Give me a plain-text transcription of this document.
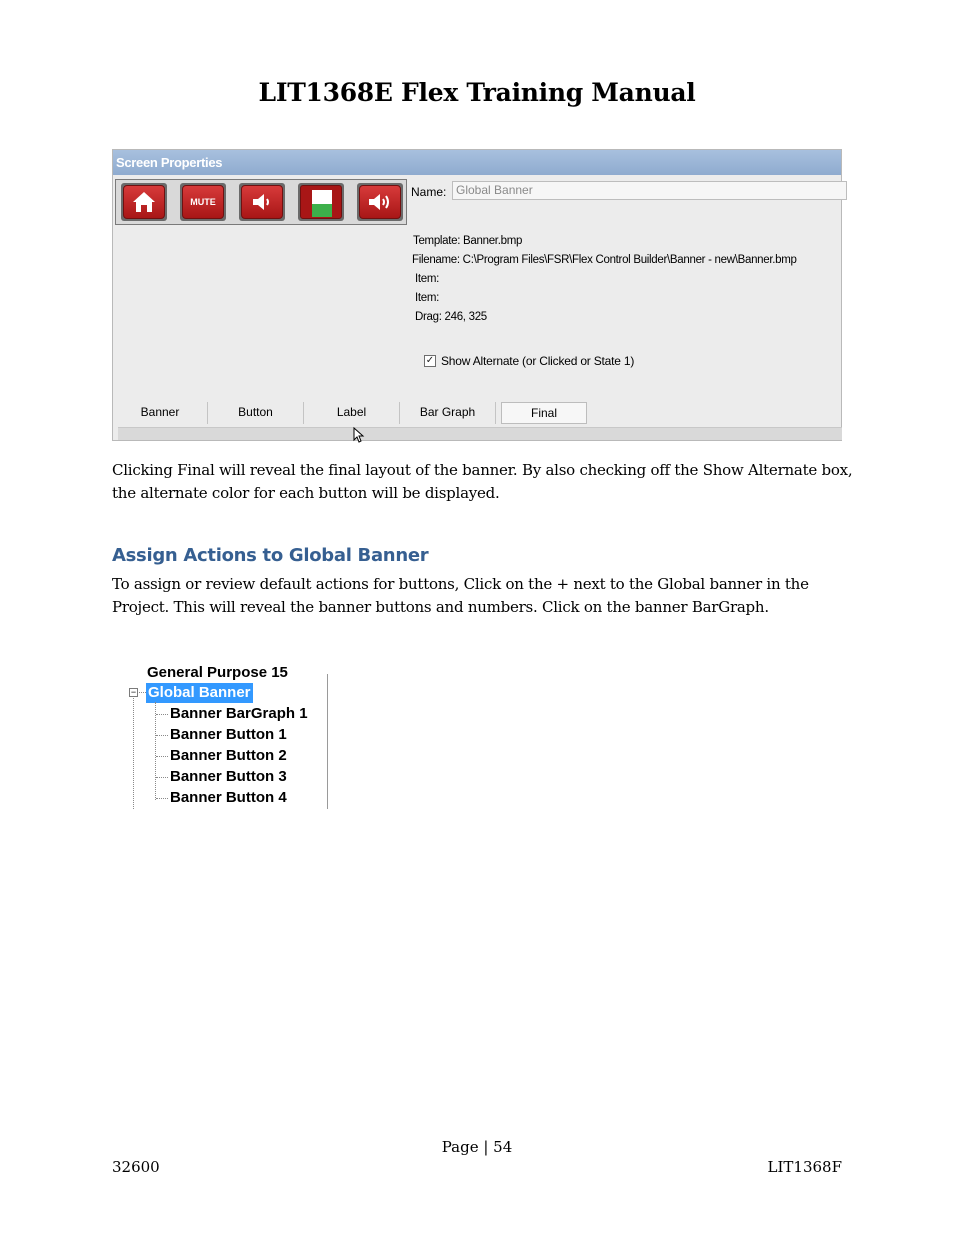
LIT1368E Flex Training Manual
Screen Properties
MUTE
Name: Global Banner
Template: Banner.bmp
Filename: C:\Program Files\FSR\Flex Control Builder\Banner - new\Banner.bmp
Item:
Item:
Drag: 246, 325
✓ Show Alternate (or Clicked or State 1)
Banner	Button	Label	Bar Graph	Final
Clicking Final will reveal the final layout of the banner. By also checking off the Show Alternate box,
the alternate color for each button will be displayed.
Assign Actions to Global Banner
To assign or review default actions for buttons, Click on the + next to the Global banner in the
Project. This will reveal the banner buttons and numbers. Click on the banner BarGraph.
General Purpose 15
− Global Banner
Banner BarGraph 1
Banner Button 1
Banner Button 2
Banner Button 3
Banner Button 4
Page | 54
32600	LIT1368F
